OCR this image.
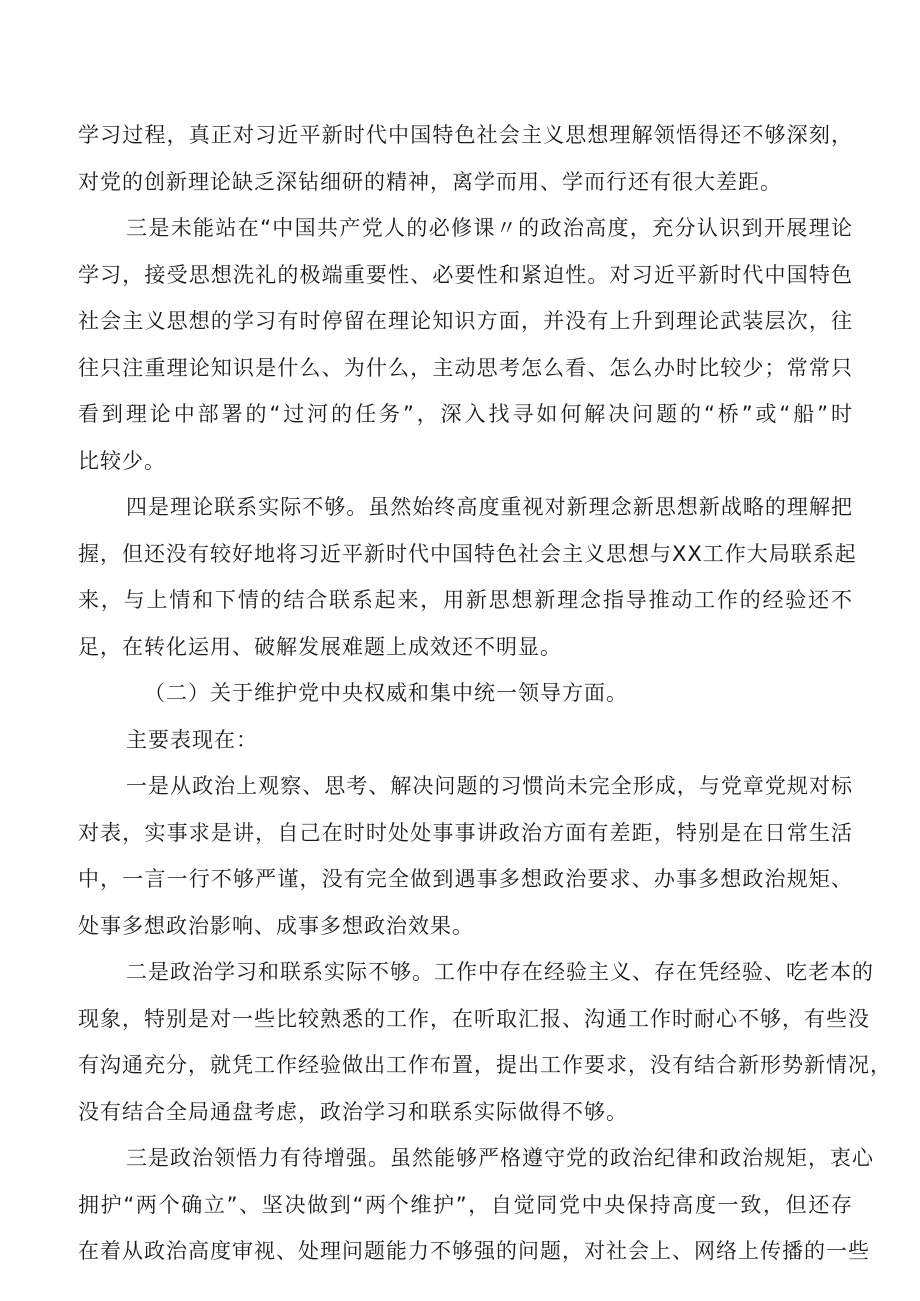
学习过程，真正对习近平新时代中国特色社会主义思想理解领悟得还不够深刻，
对党的创新理论缺乏深钻细研的精神，离学而用、学而行还有很大差距。
三是未能站在“中国共产党人的必修课〃的政治高度，充分认识到开展理论
学习，接受思想洗礼的极端重要性、必要性和紧迫性。对习近平新时代中国特色
社会主义思想的学习有时停留在理论知识方面，并没有上升到理论武装层次，往
往只注重理论知识是什么、为什么，主动思考怎么看、怎么办时比较少；常常只
看到理论中部署的“过河的任务”，深入找寻如何解决问题的“桥”或“船”时
比较少。
四是理论联系实际不够。虽然始终高度重视对新理念新思想新战略的理解把
握，但还没有较好地将习近平新时代中国特色社会主义思想与XX工作大局联系起
来，与上情和下情的结合联系起来，用新思想新理念指导推动工作的经验还不
足，在转化运用、破解发展难题上成效还不明显。
（二）关于维护党中央权威和集中统一领导方面。
主要表现在：
一是从政治上观察、思考、解决问题的习惯尚未完全形成，与党章党规对标
对表，实事求是讲，自己在时时处处事事讲政治方面有差距，特别是在日常生活
中，一言一行不够严谨，没有完全做到遇事多想政治要求、办事多想政治规矩、
处事多想政治影响、成事多想政治效果。
二是政治学习和联系实际不够。工作中存在经验主义、存在凭经验、吃老本的
现象，特别是对一些比较熟悉的工作，在听取汇报、沟通工作时耐心不够，有些没
有沟通充分，就凭工作经验做出工作布置，提出工作要求，没有结合新形势新情况，
没有结合全局通盘考虑，政治学习和联系实际做得不够。
三是政治领悟力有待增强。虽然能够严格遵守党的政治纪律和政治规矩，衷心
拥护“两个确立”、坚决做到“两个维护”，自觉同党中央保持高度一致，但还存
在着从政治高度审视、处理问题能力不够强的问题，对社会上、网络上传播的一些
